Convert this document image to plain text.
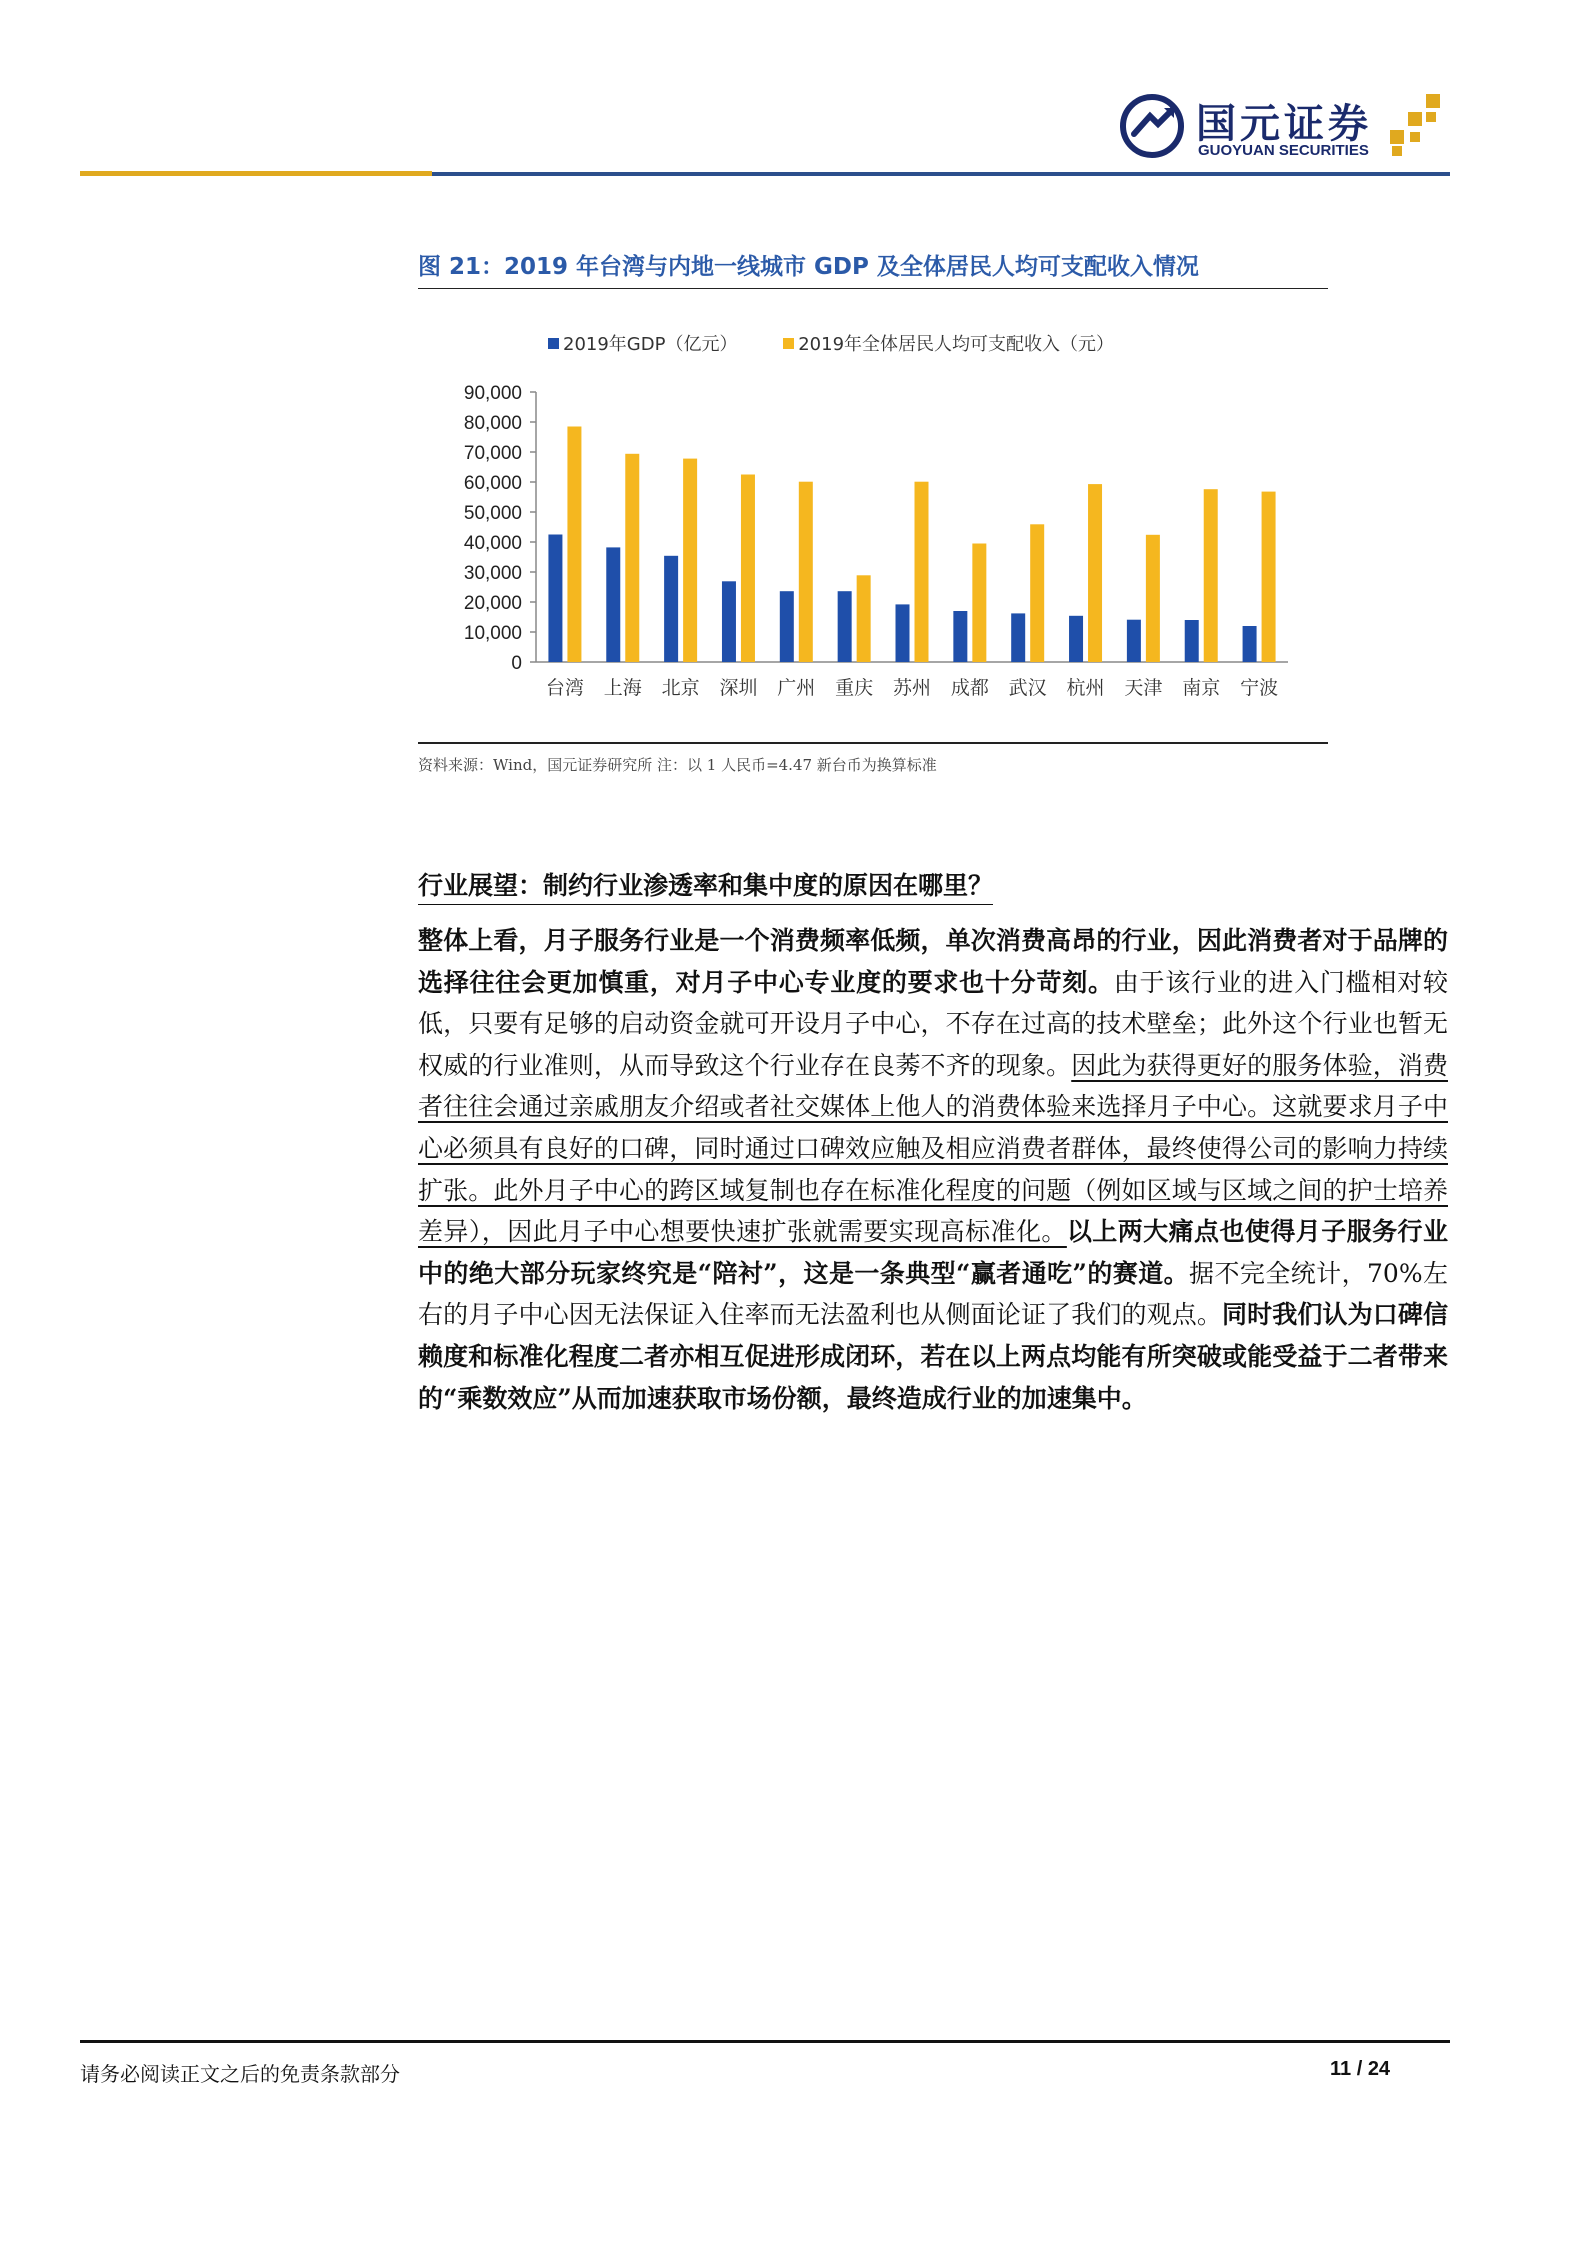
国元证券
GUOYUAN SECURITIES
图 21：2019 年台湾与内地一线城市 GDP 及全体居民人均可支配收入情况
2019年GDP（亿元）	2019年全体居民人均可支配收入（元）
0
10,000
20,000
30,000
40,000
50,000
60,000
70,000
80,000
90,000
台湾 上海 北京 深圳 广州 重庆 苏州 成都 武汉 杭州 天津 南京 宁波
资料来源：Wind，国元证券研究所 注：以 1 人民币=4.47 新台币为换算标准
行业展望：制约行业渗透率和集中度的原因在哪里？
整体上看，月子服务行业是一个消费频率低频，单次消费高昂的行业，因此消费者对于品牌的选择往往会更加慎重，对月子中心专业度的要求也十分苛刻。由于该行业的进入门槛相对较低，只要有足够的启动资金就可开设月子中心，不存在过高的技术壁垒；此外这个行业也暂无权威的行业准则，从而导致这个行业存在良莠不齐的现象。因此为获得更好的服务体验，消费者往往会通过亲戚朋友介绍或者社交媒体上他人的消费体验来选择月子中心。这就要求月子中心必须具有良好的口碑，同时通过口碑效应触及相应消费者群体，最终使得公司的影响力持续扩张。此外月子中心的跨区域复制也存在标准化程度的问题（例如区域与区域之间的护士培养差异），因此月子中心想要快速扩张就需要实现高标准化。以上两大痛点也使得月子服务行业中的绝大部分玩家终究是“陪衬”，这是一条典型“赢者通吃”的赛道。据不完全统计，70%左右的月子中心因无法保证入住率而无法盈利也从侧面论证了我们的观点。同时我们认为口碑信赖度和标准化程度二者亦相互促进形成闭环，若在以上两点均能有所突破或能受益于二者带来的“乘数效应”从而加速获取市场份额，最终造成行业的加速集中。
请务必阅读正文之后的免责条款部分	11 / 24
